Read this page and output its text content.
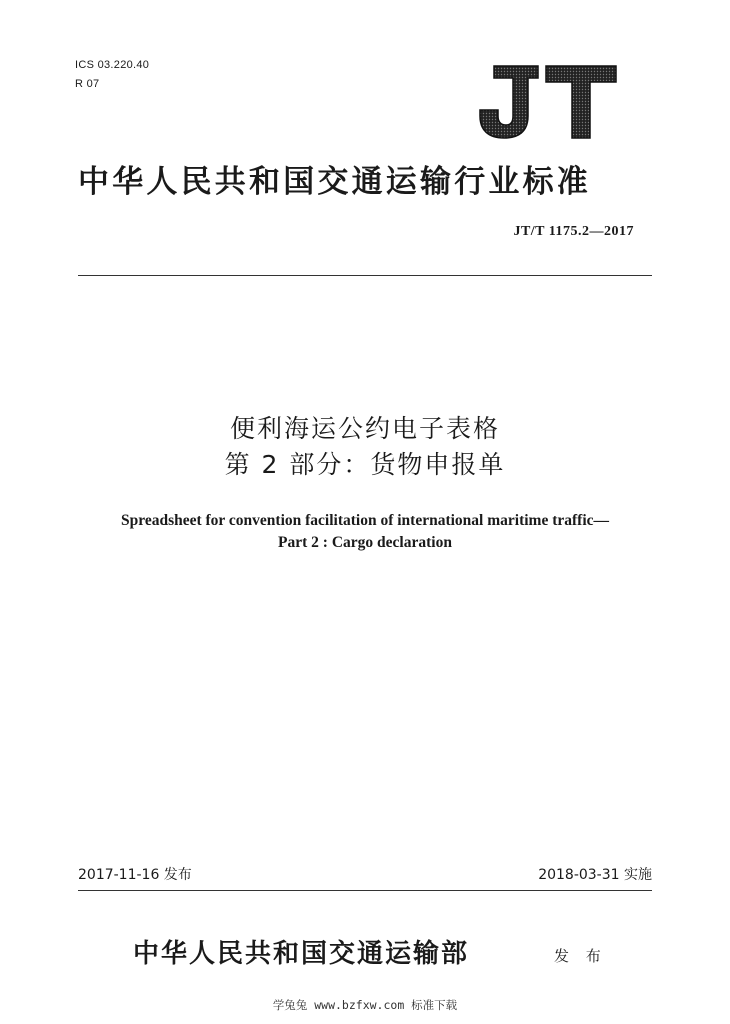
ICS 03.220.40
R 07
中华人民共和国交通运输行业标准
JT/T 1175.2—2017
便利海运公约电子表格
第 2 部分：货物申报单
Spreadsheet for convention facilitation of international maritime traffic—
Part 2 : Cargo declaration
2017-11-16 发布	2018-03-31 实施
中华人民共和国交通运输部	发 布
学兔兔 www.bzfxw.com 标准下载
